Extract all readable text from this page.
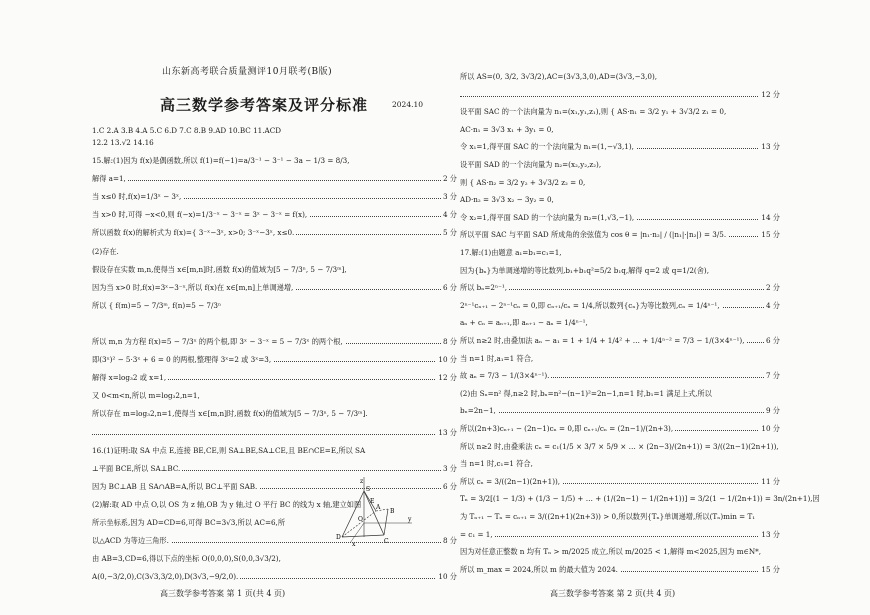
山东新高考联合质量测评10月联考(B版)
高三数学参考答案及评分标准	2024.10
1.C 2.A 3.B 4.A 5.C 6.D 7.C 8.B 9.AD 10.BC 11.ACD
12.2 13.√2 14.16
15.解:(1)因为 f(x)是偶函数,所以 f(1)=f(−1)=a/3⁻¹ − 3⁻¹ − 3a − 1/3 = 8/3,
解得 a=1,	2 分
当 x≤0 时,f(x)=1/3ˣ − 3ˣ,	3 分
当 x>0 时,可得 −x<0,则 f(−x)=1/3⁻ˣ − 3⁻ˣ = 3ˣ − 3⁻ˣ = f(x),	4 分
所以函数 f(x)的解析式为 f(x)={ 3⁻ˣ−3ˣ, x>0; 3⁻ˣ−3ˣ, x≤0.	5 分
(2)存在.
假设存在实数 m,n,使得当 x∈[m,n]时,函数 f(x)的值域为[5 − 7/3ⁿ, 5 − 7/3ᵐ],
因为当 x>0 时,f(x)=3ˣ−3⁻ˣ,所以 f(x)在 x∈[m,n]上单调递增,	6 分
所以 { f(m)=5 − 7/3ᵐ, f(n)=5 − 7/3ⁿ
所以 m,n 为方程 f(x)=5 − 7/3ˣ 的两个根,即 3ˣ − 3⁻ˣ = 5 − 7/3ˣ 的两个根,	8 分
即(3ˣ)² − 5·3ˣ + 6 = 0 的两根,整理得 3ˣ=2 或 3ˣ=3,	10 分
解得 x=log₃2 或 x=1,	12 分
又 0<m<n,所以 m=log₃2,n=1,
所以存在 m=log₃2,n=1,使得当 x∈[m,n]时,函数 f(x)的值域为[5 − 7/3ⁿ, 5 − 7/3ᵐ].
13 分
16.(1)证明:取 SA 中点 E,连接 BE,CE,则 SA⊥BE,SA⊥CE,且 BE∩CE=E,所以 SA
⊥平面 BCE,所以 SA⊥BC.	3 分
因为 BC⊥AB 且 SA∩AB=A,所以 BC⊥平面 SAB.	6 分
(2)解:取 AD 中点 O,以 OS 为 z 轴,OB 为 y 轴,过 O 平行 BC 的线为 x 轴,建立如图
所示坐标系,因为 AD=CD=6,可得 BC=3√3,所以 AC=6,所
以△ACD 为等边三角形.	8 分
由 AB=3,CD=6,得以下点的坐标 O(0,0,0),S(0,0,3√3/2),
A(0,−3/2,0),C(3√3,3/2,0),D(3√3,−9/2,0).	10 分
高三数学参考答案 第 1 页(共 4 页)
z
S
E
A
O
B
D
C
x
y
所以 AS=(0, 3/2, 3√3/2),AC=(3√3,3,0),AD=(3√3,−3,0),
12 分
设平面 SAC 的一个法向量为 n₁=(x₁,y₁,z₁),则 { AS·n₁ = 3/2 y₁ + 3√3/2 z₁ = 0,
AC·n₁ = 3√3 x₁ + 3y₁ = 0,
令 x₁=1,得平面 SAC 的一个法向量为 n₁=(1,−√3,1),	13 分
设平面 SAD 的一个法向量为 n₂=(x₂,y₂,z₂),
则 { AS·n₂ = 3/2 y₂ + 3√3/2 z₂ = 0,
AD·n₂ = 3√3 x₂ − 3y₂ = 0,
令 x₂=1,得平面 SAD 的一个法向量为 n₂=(1,√3,−1),	14 分
所以平面 SAC 与平面 SAD 所成角的余弦值为 cos θ = |n₁·n₂| / (|n₁|·|n₂|) = 3/5.	15 分
17.解:(1)由题意 a₁=b₁=c₁=1,
因为{bₙ}为单调递增的等比数列,b₁+b₁q²=5/2 b₁q,解得 q=2 或 q=1/2(舍),
所以 bₙ=2ⁿ⁻¹,	2 分
2ⁿ⁻¹cₙ₊₁ − 2ⁿ⁻¹cₙ = 0,即 cₙ₊₁/cₙ = 1/4,所以数列{cₙ}为等比数列,cₙ = 1/4ⁿ⁻¹,	4 分
aₙ + cₙ = aₙ₊₁,即 aₙ₊₁ − aₙ = 1/4ⁿ⁻¹,
所以 n≥2 时,由叠加法 aₙ − a₁ = 1 + 1/4 + 1/4² + … + 1/4ⁿ⁻² = 7/3 − 1/(3×4ⁿ⁻¹),	6 分
当 n=1 时,a₁=1 符合,
故 aₙ = 7/3 − 1/(3×4ⁿ⁻¹).	7 分
(2)由 Sₙ=n² 得,n≥2 时,bₙ=n²−(n−1)²=2n−1,n=1 时,b₁=1 满足上式,所以
bₙ=2n−1,	9 分
所以(2n+3)cₙ₊₁ − (2n−1)cₙ = 0,即 cₙ₊₁/cₙ = (2n−1)/(2n+3),	10 分
所以 n≥2 时,由叠乘法 cₙ = c₁(1/5 × 3/7 × 5/9 × … × (2n−3)/(2n+1)) = 3/((2n−1)(2n+1)),
当 n=1 时,c₁=1 符合,
所以 cₙ = 3/((2n−1)(2n+1)),	11 分
Tₙ = 3/2[(1 − 1/3) + (1/3 − 1/5) + … + (1/(2n−1) − 1/(2n+1))] = 3/2(1 − 1/(2n+1)) = 3n/(2n+1),因
为 Tₙ₊₁ − Tₙ = cₙ₊₁ = 3/((2n+1)(2n+3)) > 0,所以数列{Tₙ}单调递增,所以(Tₙ)min = T₁
= c₁ = 1,	13 分
因为对任意正整数 n 均有 Tₙ > m/2025 成立,所以 m/2025 < 1,解得 m<2025,因为 m∈N*,
所以 m_max = 2024,所以 m 的最大值为 2024.	15 分
高三数学参考答案 第 2 页(共 4 页)
